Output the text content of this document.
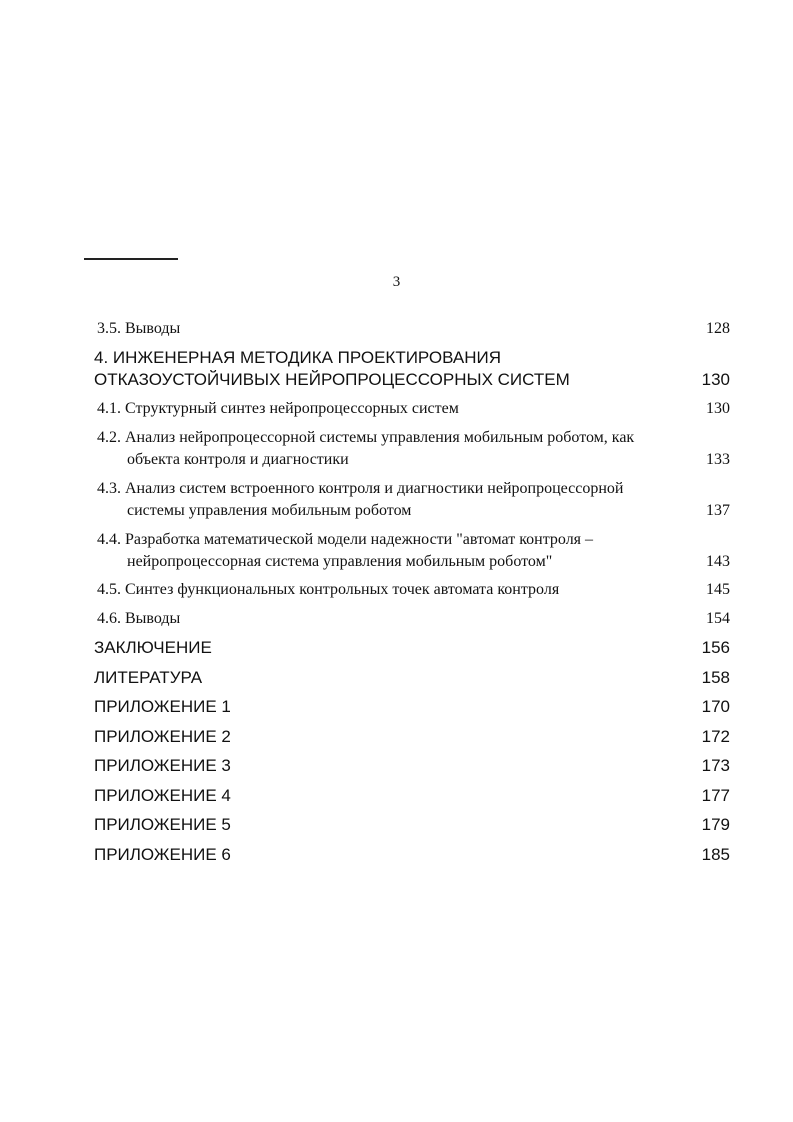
3
3.5. Выводы	128
4. ИНЖЕНЕРНАЯ МЕТОДИКА ПРОЕКТИРОВАНИЯ
ОТКАЗОУСТОЙЧИВЫХ НЕЙРОПРОЦЕССОРНЫХ СИСТЕМ	130
4.1. Структурный синтез нейропроцессорных систем	130
4.2. Анализ нейропроцессорной системы управления мобильным роботом, как
объекта контроля и диагностики	133
4.3. Анализ систем встроенного контроля и диагностики нейропроцессорной
системы управления мобильным роботом	137
4.4. Разработка математической модели надежности "автомат контроля –
нейропроцессорная система управления мобильным роботом"	143
4.5. Синтез функциональных контрольных точек автомата контроля	145
4.6. Выводы	154
ЗАКЛЮЧЕНИЕ	156
ЛИТЕРАТУРА	158
ПРИЛОЖЕНИЕ 1	170
ПРИЛОЖЕНИЕ 2	172
ПРИЛОЖЕНИЕ 3	173
ПРИЛОЖЕНИЕ 4	177
ПРИЛОЖЕНИЕ 5	179
ПРИЛОЖЕНИЕ 6	185
